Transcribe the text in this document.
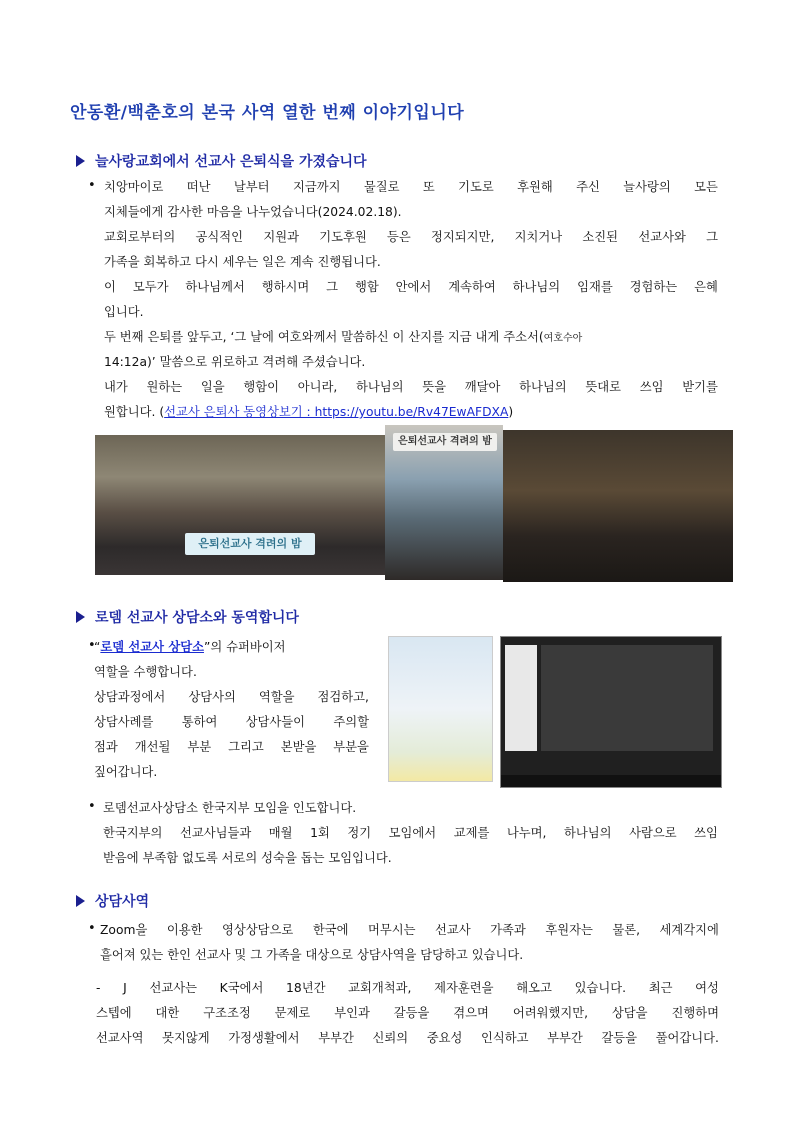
안동환/백춘호의 본국 사역 열한 번째 이야기입니다
늘사랑교회에서 선교사 은퇴식을 가졌습니다
• 치앙마이로 떠난 날부터 지금까지 물질로 또 기도로 후원해 주신 늘사랑의 모든
지체들에게 감사한 마음을 나누었습니다(2024.02.18).
교회로부터의 공식적인 지원과 기도후원 등은 정지되지만, 지치거나 소진된 선교사와 그
가족을 회복하고 다시 세우는 일은 계속 진행됩니다.
이 모두가 하나님께서 행하시며 그 행함 안에서 계속하여 하나님의 임재를 경험하는 은혜
입니다.
두 번째 은퇴를 앞두고, ‘그 날에 여호와께서 말씀하신 이 산지를 지금 내게 주소서(여호수아
14:12a)’ 말씀으로 위로하고 격려해 주셨습니다.
내가 원하는 일을 행함이 아니라, 하나님의 뜻을 깨달아 하나님의 뜻대로 쓰임 받기를
원합니다. (선교사 은퇴사 동영상보기 : https://youtu.be/Rv47EwAFDXA)
은퇴선교사 격려의 밤
은퇴선교사 격려의 밤
로뎀 선교사 상담소와 동역합니다
•
“로뎀 선교사 상담소”의 슈퍼바이저
역할을 수행합니다.
상담과정에서 상담사의 역할을 점검하고,
상담사례를 통하여 상담사들이 주의할
점과 개선될 부분 그리고 본받을 부분을
짚어갑니다.
• 로뎀선교사상담소 한국지부 모임을 인도합니다.
한국지부의 선교사님들과 매월 1회 정기 모임에서 교제를 나누며, 하나님의 사람으로 쓰임
받음에 부족함 없도록 서로의 성숙을 돕는 모임입니다.
상담사역
• Zoom을 이용한 영상상담으로 한국에 머무시는 선교사 가족과 후원자는 물론, 세계각지에
흩어져 있는 한인 선교사 및 그 가족을 대상으로 상담사역을 담당하고 있습니다.
- J 선교사는 K국에서 18년간 교회개척과, 제자훈련을 해오고 있습니다. 최근 여성
스텝에 대한 구조조정 문제로 부인과 갈등을 겪으며 어려워했지만, 상담을 진행하며
선교사역 못지않게 가정생활에서 부부간 신뢰의 중요성 인식하고 부부간 갈등을 풀어갑니다.
